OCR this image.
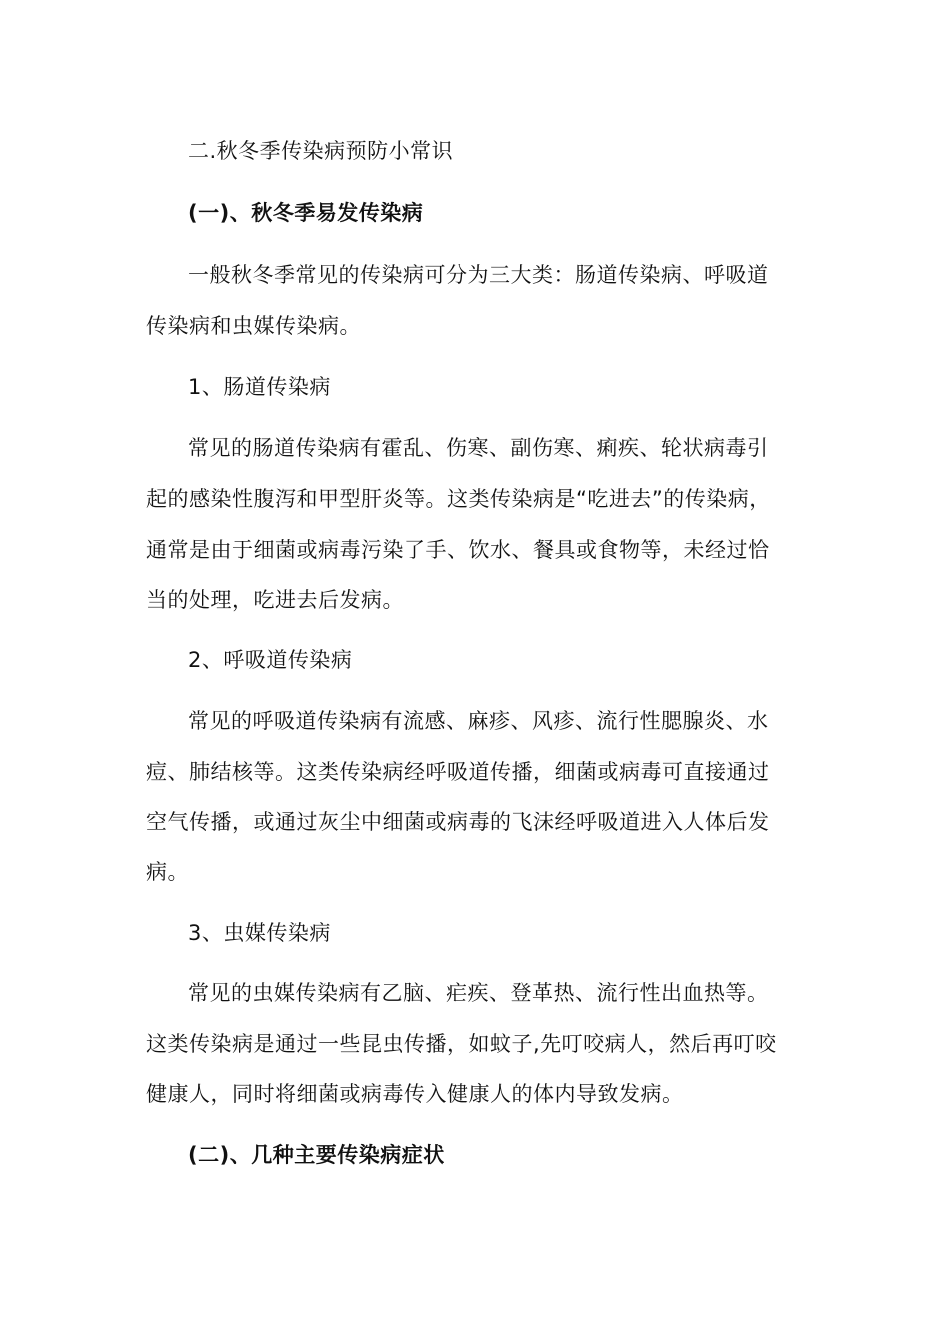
二.秋冬季传染病预防小常识
(一)、秋冬季易发传染病
一般秋冬季常见的传染病可分为三大类：肠道传染病、呼吸道
传染病和虫媒传染病。
1、肠道传染病
常见的肠道传染病有霍乱、伤寒、副伤寒、痢疾、轮状病毒引
起的感染性腹泻和甲型肝炎等。这类传染病是“吃进去”的传染病，
通常是由于细菌或病毒污染了手、饮水、餐具或食物等，未经过恰
当的处理，吃进去后发病。
2、呼吸道传染病
常见的呼吸道传染病有流感、麻疹、风疹、流行性腮腺炎、水
痘、肺结核等。这类传染病经呼吸道传播，细菌或病毒可直接通过
空气传播，或通过灰尘中细菌或病毒的飞沫经呼吸道进入人体后发
病。
3、虫媒传染病
常见的虫媒传染病有乙脑、疟疾、登革热、流行性出血热等。
这类传染病是通过一些昆虫传播，如蚊子,先叮咬病人，然后再叮咬
健康人，同时将细菌或病毒传入健康人的体内导致发病。
(二)、几种主要传染病症状
